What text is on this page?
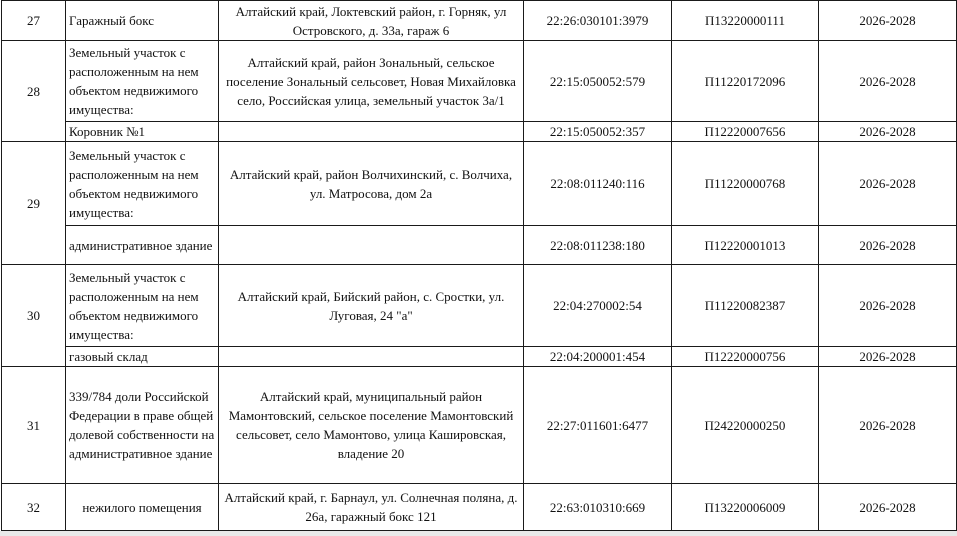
27	Гаражный бокс	Алтайский край, Локтевский район, г. Горняк, ул Островского, д. 33а, гараж 6	22:26:030101:3979	П13220000111	2026-2028
28	Земельный участок с расположенным на нем объектом недвижимого имущества:	Алтайский край, район Зональный, сельское поселение Зональный сельсовет, Новая Михайловка село, Российская улица, земельный участок 3а/1	22:15:050052:579	П11220172096	2026-2028
	Коровник №1		22:15:050052:357	П12220007656	2026-2028
29	Земельный участок с расположенным на нем объектом недвижимого имущества:	Алтайский край, район Волчихинский, с. Волчиха, ул. Матросова, дом 2а	22:08:011240:116	П11220000768	2026-2028
	административное здание		22:08:011238:180	П12220001013	2026-2028
30	Земельный участок с расположенным на нем объектом недвижимого имущества:	Алтайский край, Бийский район, с. Сростки, ул. Луговая, 24 "а"	22:04:270002:54	П11220082387	2026-2028
	газовый склад		22:04:200001:454	П12220000756	2026-2028
31	339/784 доли Российской Федерации в праве общей долевой собственности на административное здание	Алтайский край, муниципальный район Мамонтовский, сельское поселение Мамонтовский сельсовет, село Мамонтово, улица Кашировская, владение 20	22:27:011601:6477	П24220000250	2026-2028
32	нежилого помещения	Алтайский край, г. Барнаул, ул. Солнечная поляна, д. 26а, гаражный бокс 121	22:63:010310:669	П13220006009	2026-2028
